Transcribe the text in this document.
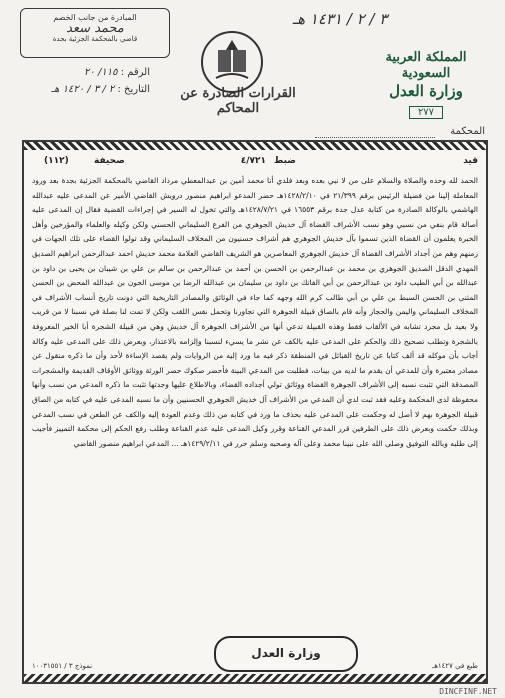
المبادرة من جانب الخصم
محمد سعد
قاضي بالمحكمة الجزئية بجدة
الرقم : ١١٥/ ٢٠
التاريخ : ٢ / ٣ / ١٤٢٠ هـ
٣ / ٢ / ١٤٣١ هـ
القرارات الصادرة عن المحاكم
المملكة العربية السعودية
وزارة العدل
٢٧٧
المحكمة
قيد
ضبط
٤/٧٢١
صحيفة
(١١٢)

الحمد لله وحده والصلاة والسلام على من لا نبي بعده وبعد فلدي أنا محمد أمين بن عبدالمعطي مرداد القاضي بالمحكمة الجزئية بجدة بعد ورود المعاملة إلينا من فضيلة الرئيس برقم ٢١/٣٩٩ في ١٤٢٨/٢/١٠هـ حضر المدعو ابراهيم منصور درويش القاضي الأمير عن المدعى عليه عبدالله الهاشمي بالوكالة الصادرة من كتابة عدل جدة برقم ١٦٥٥٣ في ١٤٢٨/٧/٢١هـ والتي تخول له السير في إجراءات القضية فقال إن المدعى عليه أصالة قام بنفي من نسبي وهو نسب الأشراف القضاة آل خديش الجوهري من الفرع السليماني الحسني ولكن وكيله والعلماء والمؤرخين وأهل الخبرة يعلمون أن القضاة الذين تسموا بآل خديش الجوهري هم أشراف حسنيون من المخلاف السليماني وقد تولوا القضاء على تلك الجهات في زمنهم وهم من أجداد الأشراف القضاة آل خديش الجوهري المعاصرين هو الشريف القاضي العلامة محمد خديش احمد عبدالرحمن ابراهيم الصديق المهدي الدقل الصديق الجوهري بن محمد بن عبدالرحمن بن الحسن بن أحمد بن عبدالرحمن بن سالم بن علي بن شيبان بن يحيى بن داود بن عبدالله بن أبي الطيب داود بن عبدالرحمن بن أبي الفاتك بن داود بن سليمان بن عبدالله الرضا بن موسى الجون بن عبدالله المحض بن الحسن المثنى بن الحسن السبط بن علي بن أبي طالب كرم الله وجهه كما جاء في الوثائق والمصادر التاريخية التي دونت تاريخ أنساب الأشراف في المخلاف السليماني واليمن والحجاز وأنه قام بالصاق قبيلة الجوهرة التي تجاورنا وتحمل نفس اللقب ولكن لا تمت لنا بصلة في نسبنا لا من قريب ولا بعيد بل مجرد تشابه في الألقاب فقط وهذه القبيلة تدعي أنها من الأشراف الجوهرة آل خديش وهي من قبيلة الشجرة أبا الخير المعروفة بالشجرة وتطلب تصحيح ذلك والحكم على المدعى عليه بالكف عن نشر ما يسيء لنسبنا وإلزامه بالاعتذار، وبعرض ذلك على المدعى عليه وكالة أجاب بأن موكله قد ألف كتابا عن تاريخ القبائل في المنطقة ذكر فيه ما ورد إليه من الروايات ولم يقصد الإساءة لأحد وأن ما ذكره منقول عن مصادر معتبرة وأن للمدعي أن يقدم ما لديه من بينات، فطلبت من المدعي البينة فأحضر صكوك حصر الورثة ووثائق الأوقاف القديمة والمشجرات المصدقة التي تثبت نسبه إلى الأشراف الجوهرة القضاة ووثائق تولي أجداده القضاء، وبالاطلاع عليها وجدتها تثبت ما ذكره المدعي من نسب وأنها محفوظة لدى المحكمة وعليه فقد ثبت لدي أن المدعي من الأشراف آل خديش الجوهري الحسنيين وأن ما نسبه المدعى عليه في كتابه من الصاق قبيلة الجوهرة بهم لا أصل له وحكمت على المدعى عليه بحذف ما ورد في كتابه من ذلك وعدم العودة إليه والكف عن الطعن في نسب المدعي وبذلك حكمت وبعرض ذلك على الطرفين قرر المدعي القناعة وقرر وكيل المدعى عليه عدم القناعة وطلب رفع الحكم إلى محكمة التمييز فأجيب إلى طلبه وبالله التوفيق وصلى الله على نبينا محمد وعلى آله وصحبه وسلم حرر في ١٤٢٩/٢/١١هـ ... المدعي ابراهيم منصور القاضي

وزارة العدل
طبع في ١٤٢٧هـ
نموذج ٣ / ١٠٠٣١٥٥١
DINCFINF.NET
